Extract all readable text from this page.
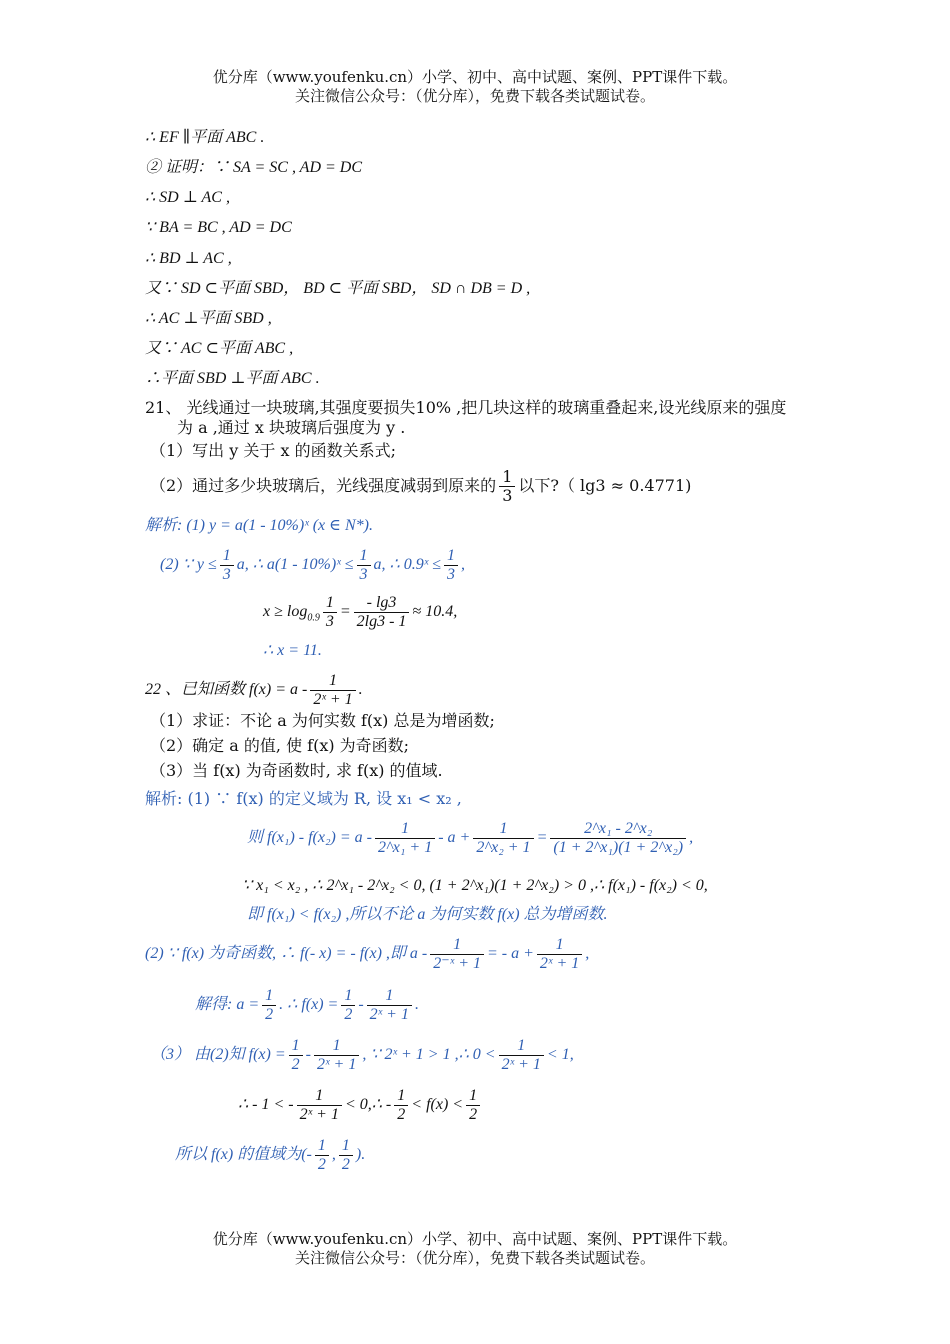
优分库（www.youfenku.cn）小学、初中、高中试题、案例、PPT课件下载。
关注微信公众号：（优分库），免费下载各类试题试卷。
∴ EF ∥平面 ABC .
② 证明：∵ SA = SC , AD = DC
∴ SD ⊥ AC ,
∵ BA = BC , AD = DC
∴ BD ⊥ AC ,
又∵ SD ⊂平面 SBD， BD ⊂ 平面 SBD， SD ∩ DB = D ,
∴ AC ⊥平面 SBD ,
又∵ AC ⊂平面 ABC ,
∴平面 SBD ⊥平面 ABC .
21、 光线通过一块玻璃,其强度要损失10% ,把几块这样的玻璃重叠起来,设光线原来的强度
为 a ,通过 x 块玻璃后强度为 y .
（1）写出 y 关于 x 的函数关系式;
（2）通过多少块玻璃后，光线强度减弱到原来的 $\frac{1}{3}$ 以下?（ lg3 ≈ 0.4771)
解析: (1) y = a(1 - 10%)ˣ (x ∈ N*).
(2) ∵ $y \le \frac{1}{3} a$, ∴ a(1 - 10%)ˣ ≤ $\frac{1}{3} a$, ∴ 0.9ˣ ≤ $\frac{1}{3}$ ,
$x \ge \log_{0.9} \frac{1}{3} = \frac{- \lg 3}{2\lg 3 - 1} \approx 10.4$,
∴ x = 11.
22 、已知函数 $f(x) = a - \frac{1}{\text{2ˣ + 1}}$ .
（1）求证：不论 a 为何实数 f(x) 总是为增函数;
（2）确定 a 的值, 使 f(x) 为奇函数;
（3）当 f(x) 为奇函数时, 求 f(x) 的值域.
解析: (1) ∵ f(x) 的定义域为 R, 设 x₁ < x₂ ,
则 $f(x_1) - f(x_2) = a - \frac{1}{\text{2\textasciicircum{}x₁ + 1}} - a + \frac{1}{\text{2\textasciicircum{}x₂ + 1}} = \frac{\text{2\textasciicircum{}x₁ - 2\textasciicircum{}x₂}}{\text{(1 + 2\textasciicircum{}x₁)(1 + 2\textasciicircum{}x₂)}}$ ,
∵ x₁ < x₂ , ∴ 2^x₁ - 2^x₂ < 0, (1 + 2^x₁)(1 + 2^x₂) > 0 ,∴ f(x₁) - f(x₂) < 0,
即 f(x₁) < f(x₂) ,所以不论 a 为何实数 f(x) 总为增函数.
(2) ∵ f(x) 为奇函数, ∴ f(- x) = - f(x) ,即 a - $\frac{1}{\text{2⁻ˣ + 1}}$ = - $a + \frac{1}{\text{2ˣ + 1}}$ ,
解得: $a = \frac{1}{2}$ . ∴ $f(x) = \frac{1}{2} - \frac{1}{\text{2ˣ + 1}}$ .
（3） 由(2)知 $f(x) = \frac{1}{2} - \frac{1}{\text{2ˣ + 1}}$ , ∵ 2ˣ + 1 > 1 ,∴ $0 < \frac{1}{\text{2ˣ + 1}} < 1$,
∴ - 1 < - $\frac{1}{\text{2ˣ + 1}}$ < 0,∴ - $\frac{1}{2} < f(x) < \frac{1}{2}$
所以 f(x) 的值域为(- $\frac{1}{2}$ , $\frac{1}{2}$ ).
优分库（www.youfenku.cn）小学、初中、高中试题、案例、PPT课件下载。
关注微信公众号：（优分库），免费下载各类试题试卷。
